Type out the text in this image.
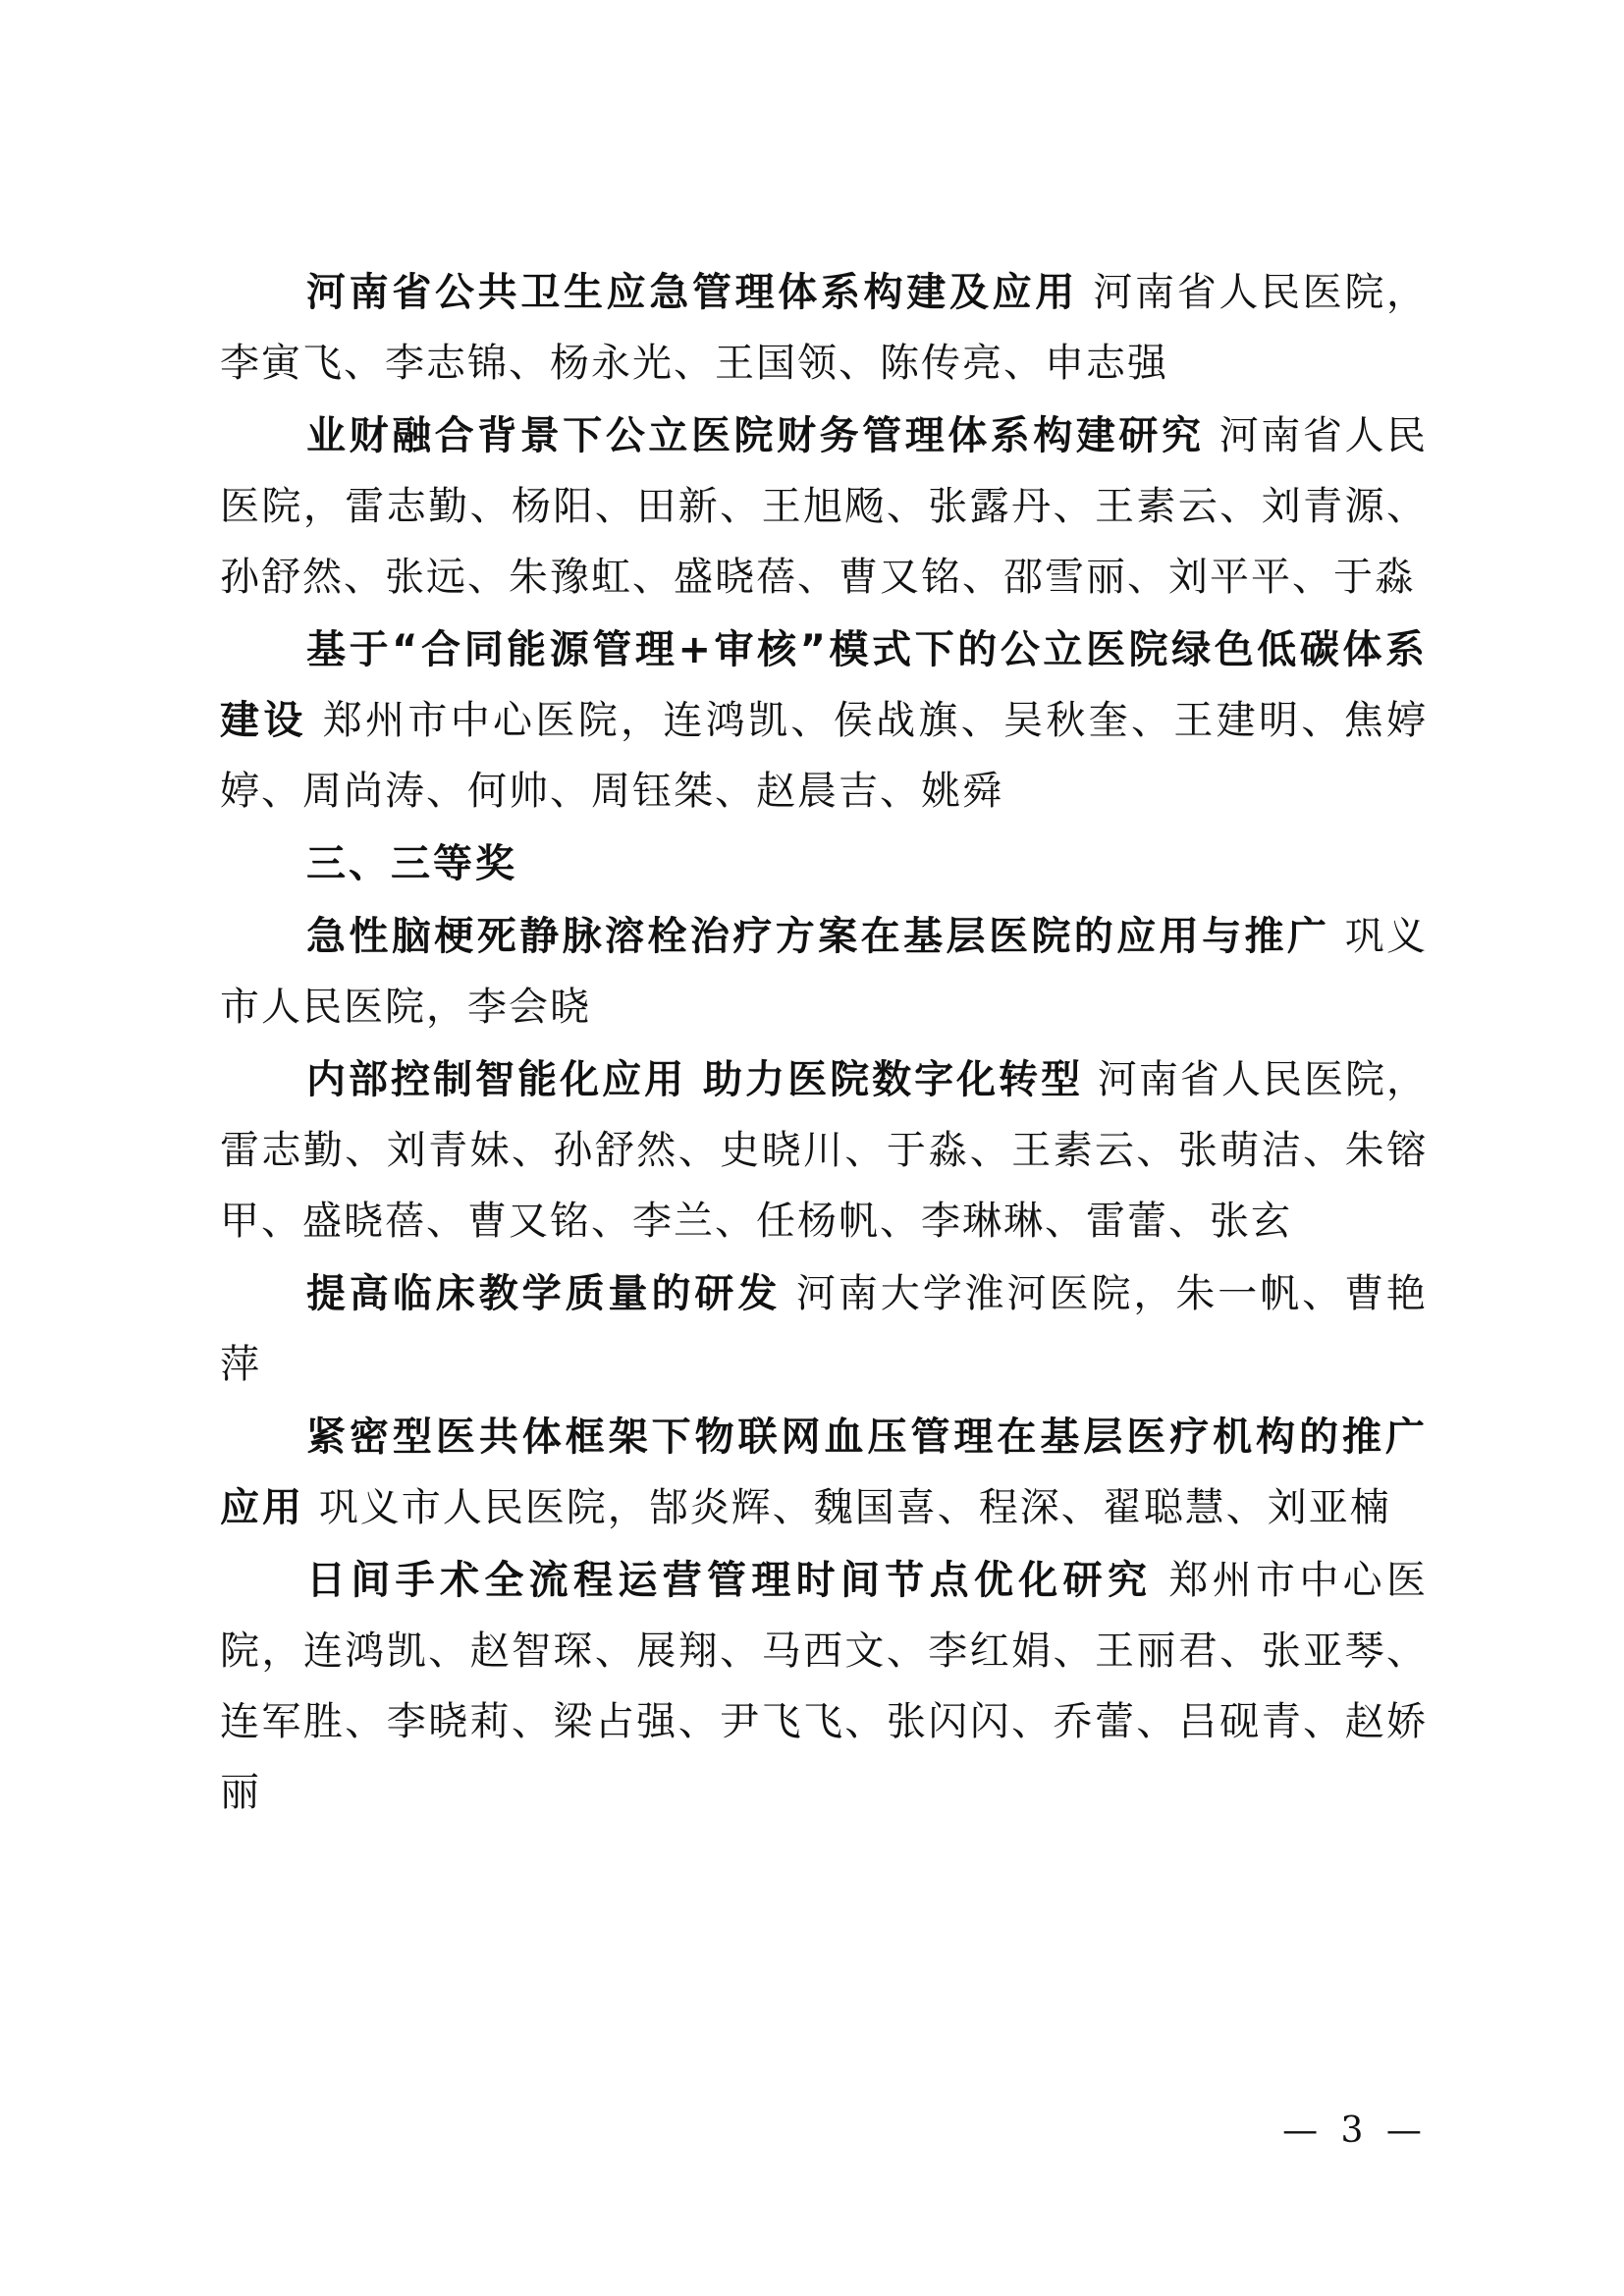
河南省公共卫生应急管理体系构建及应用 河南省人民医院，李寅飞、李志锦、杨永光、王国领、陈传亮、申志强

业财融合背景下公立医院财务管理体系构建研究 河南省人民医院，雷志勤、杨阳、田新、王旭飏、张露丹、王素云、刘青源、孙舒然、张远、朱豫虹、盛晓蓓、曹又铭、邵雪丽、刘平平、于淼

基于“合同能源管理+审核”模式下的公立医院绿色低碳体系建设 郑州市中心医院，连鸿凯、侯战旗、吴秋奎、王建明、焦婷婷、周尚涛、何帅、周钰桀、赵晨吉、姚舜

三、三等奖

急性脑梗死静脉溶栓治疗方案在基层医院的应用与推广 巩义市人民医院，李会晓

内部控制智能化应用 助力医院数字化转型 河南省人民医院，雷志勤、刘青妹、孙舒然、史晓川、于淼、王素云、张萌洁、朱镕甲、盛晓蓓、曹又铭、李兰、任杨帆、李琳琳、雷蕾、张玄

提高临床教学质量的研发 河南大学淮河医院，朱一帆、曹艳萍

紧密型医共体框架下物联网血压管理在基层医疗机构的推广应用 巩义市人民医院，郜炎辉、魏国喜、程深、翟聪慧、刘亚楠

日间手术全流程运营管理时间节点优化研究 郑州市中心医院，连鸿凯、赵智琛、展翔、马西文、李红娟、王丽君、张亚琴、连军胜、李晓莉、梁占强、尹飞飞、张闪闪、乔蕾、吕砚青、赵娇丽

— 3 —
